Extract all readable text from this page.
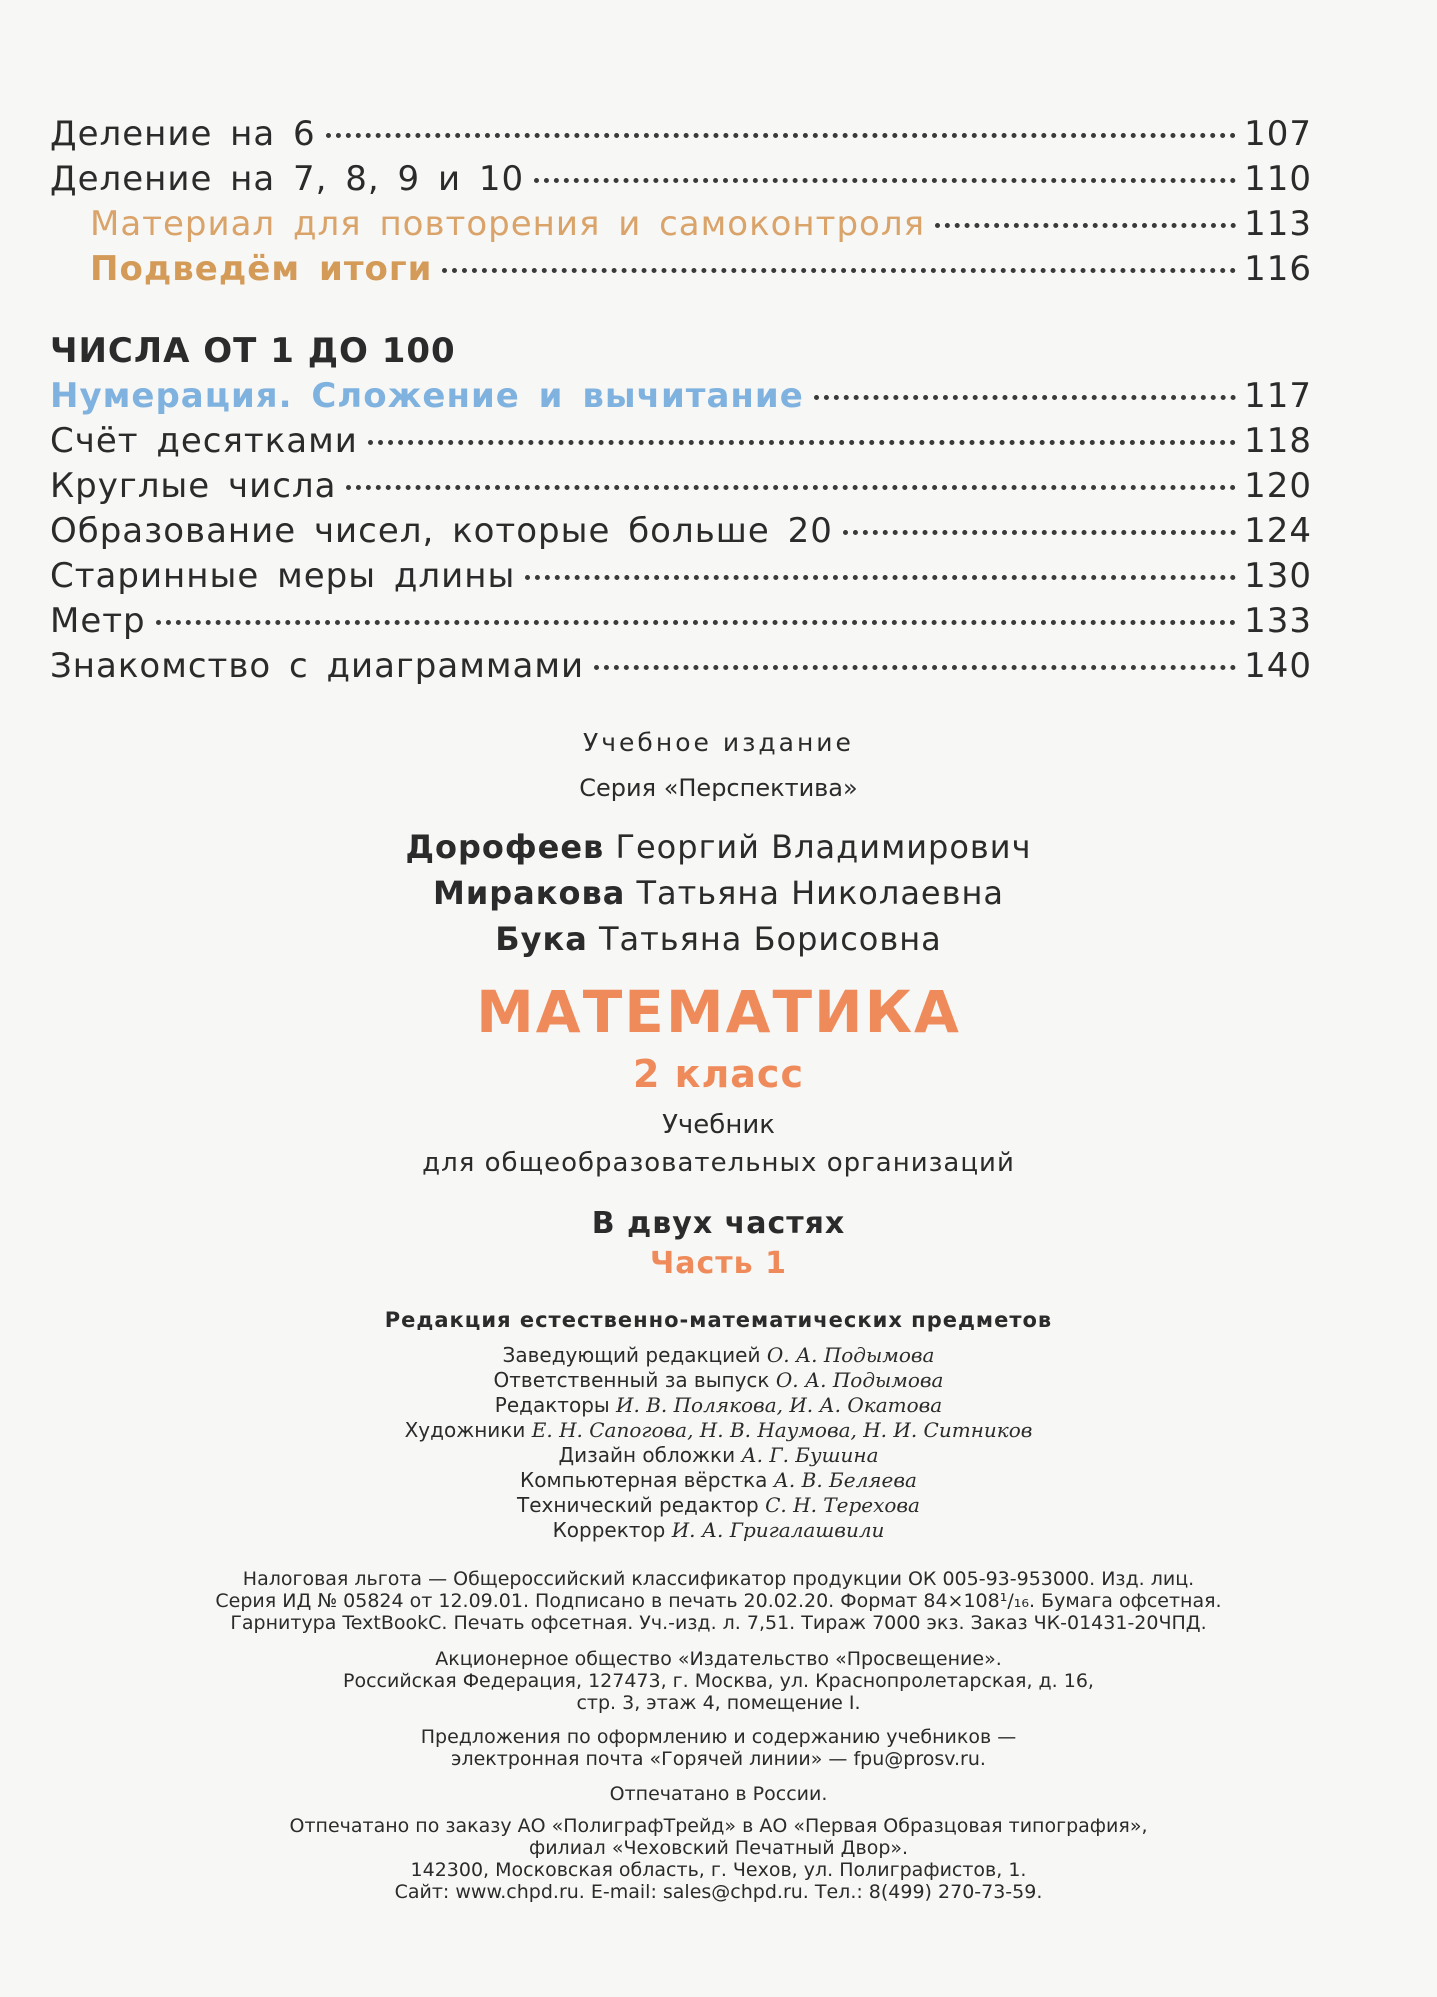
Деление на 6	107
Деление на 7, 8, 9 и 10	110
Материал для повторения и самоконтроля	113
Подведём итоги	116
ЧИСЛА ОТ 1 ДО 100
Нумерация. Сложение и вычитание	117
Счёт десятками	118
Круглые числа	120
Образование чисел, которые больше 20	124
Старинные меры длины	130
Метр	133
Знакомство с диаграммами	140
Учебное издание
Серия «Перспектива»
Дорофеев Георгий Владимирович
Миракова Татьяна Николаевна
Бука Татьяна Борисовна
МАТЕМАТИКА
2 класс
Учебник
для общеобразовательных организаций
В двух частях
Часть 1
Редакция естественно-математических предметов
Заведующий редакцией О. А. Подымова
Ответственный за выпуск О. А. Подымова
Редакторы И. В. Полякова, И. А. Окатова
Художники Е. Н. Сапогова, Н. В. Наумова, Н. И. Ситников
Дизайн обложки А. Г. Бушина
Компьютерная вёрстка А. В. Беляева
Технический редактор С. Н. Терехова
Корректор И. А. Григалашвили
Налоговая льгота — Общероссийский классификатор продукции ОК 005-93-953000. Изд. лиц.
Серия ИД № 05824 от 12.09.01. Подписано в печать 20.02.20. Формат 84×108¹/₁₆. Бумага офсетная.
Гарнитура TextBookC. Печать офсетная. Уч.-изд. л. 7,51. Тираж 7000 экз. Заказ ЧК-01431-20ЧПД.
Акционерное общество «Издательство «Просвещение».
Российская Федерация, 127473, г. Москва, ул. Краснопролетарская, д. 16,
стр. 3, этаж 4, помещение I.
Предложения по оформлению и содержанию учебников —
электронная почта «Горячей линии» — fpu@prosv.ru.
Отпечатано в России.
Отпечатано по заказу АО «ПолиграфТрейд» в АО «Первая Образцовая типография»,
филиал «Чеховский Печатный Двор».
142300, Московская область, г. Чехов, ул. Полиграфистов, 1.
Сайт: www.chpd.ru. E-mail: sales@chpd.ru. Тел.: 8(499) 270-73-59.
